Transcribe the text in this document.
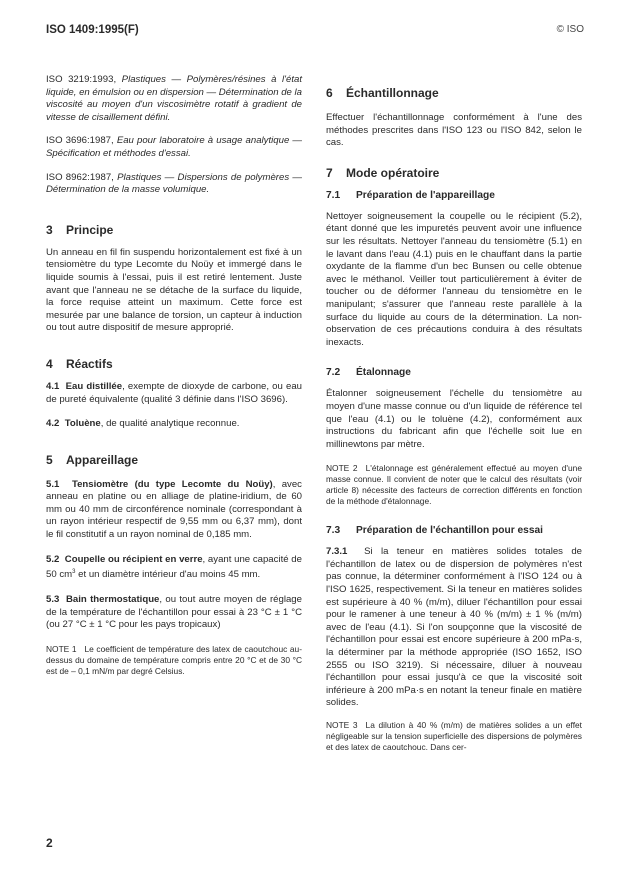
ISO 1409:1995(F)	© ISO

ISO 3219:1993, Plastiques — Polymères/résines à l'état liquide, en émulsion ou en dispersion — Détermination de la viscosité au moyen d'un viscosimètre rotatif à gradient de vitesse de cisaillement défini.

ISO 3696:1987, Eau pour laboratoire à usage analytique — Spécification et méthodes d'essai.

ISO 8962:1987, Plastiques — Dispersions de polymères — Détermination de la masse volumique.

3 Principe

Un anneau en fil fin suspendu horizontalement est fixé à un tensiomètre du type Lecomte du Noüy et immergé dans le liquide soumis à l'essai, puis il est retiré lentement. Juste avant que l'anneau ne se détache de la surface du liquide, la force requise atteint un maximum. Cette force est mesurée par une balance de torsion, un capteur à induction ou tout autre dispositif de mesure approprié.

4 Réactifs

4.1 Eau distillée, exempte de dioxyde de carbone, ou eau de pureté équivalente (qualité 3 définie dans l'ISO 3696).

4.2 Toluène, de qualité analytique reconnue.

5 Appareillage

5.1 Tensiomètre (du type Lecomte du Noüy), avec anneau en platine ou en alliage de platine-iridium, de 60 mm ou 40 mm de circonférence nominale (correspondant à un rayon intérieur respectif de 9,55 mm ou 6,37 mm), dont le fil constitutif a un rayon nominal de 0,185 mm.

5.2 Coupelle ou récipient en verre, ayant une capacité de 50 $cm^3$ et un diamètre intérieur d'au moins 45 mm.

5.3 Bain thermostatique, ou tout autre moyen de réglage de la température de l'échantillon pour essai à 23 °C ± 1 °C (ou 27 °C ± 1 °C pour les pays tropicaux)

NOTE 1 Le coefficient de température des latex de caoutchouc au-dessus du domaine de température compris entre 20 °C et de 30 °C est de – 0,1 mN/m par degré Celsius.

2
6 Échantillonnage

Effectuer l'échantillonnage conformément à l'une des méthodes prescrites dans l'ISO 123 ou l'ISO 842, selon le cas.

7 Mode opératoire
7.1 Préparation de l'appareillage

Nettoyer soigneusement la coupelle ou le récipient (5.2), étant donné que les impuretés peuvent avoir une influence sur les résultats. Nettoyer l'anneau du tensiomètre (5.1) en le lavant dans l'eau (4.1) puis en le chauffant dans la partie oxydante de la flamme d'un bec Bunsen ou celle obtenue avec le méthanol. Veiller tout particulièrement à éviter de toucher ou de déformer l'anneau du tensiomètre en le manipulant; s'assurer que l'anneau reste parallèle à la surface du liquide au cours de la détermination. La non-observation de ces précautions conduira à des résultats inexacts.

7.2 Étalonnage

Étalonner soigneusement l'échelle du tensiomètre au moyen d'une masse connue ou d'un liquide de référence tel que l'eau (4.1) ou le toluène (4.2), conformément aux instructions du fabricant afin que l'échelle soit lue en millinewtons par mètre.

NOTE 2 L'étalonnage est généralement effectué au moyen d'une masse connue. Il convient de noter que le calcul des résultats (voir article 8) nécessite des facteurs de correction différents en fonction de la méthode d'étalonnage.

7.3 Préparation de l'échantillon pour essai

7.3.1 Si la teneur en matières solides totales de l'échantillon de latex ou de dispersion de polymères n'est pas connue, la déterminer conformément à l'ISO 124 ou à l'ISO 1625, respectivement. Si la teneur en matières solides est supérieure à 40 % (m/m), diluer l'échantillon pour essai pour le ramener à une teneur à 40 % (m/m) ± 1 % (m/m) avec de l'eau (4.1). Si l'on soupçonne que la viscosité de l'échantillon pour essai est encore supérieure à 200 mPa·s, la déterminer par la méthode appropriée (ISO 1652, ISO 2555 ou ISO 3219). Si nécessaire, diluer à nouveau l'échantillon pour essai jusqu'à ce que la viscosité soit inférieure à 200 mPa·s en notant la teneur finale en matière solides.

NOTE 3 La dilution à 40 % (m/m) de matières solides a un effet négligeable sur la tension superficielle des dispersions de polymères et des latex de caoutchouc. Dans cer-
